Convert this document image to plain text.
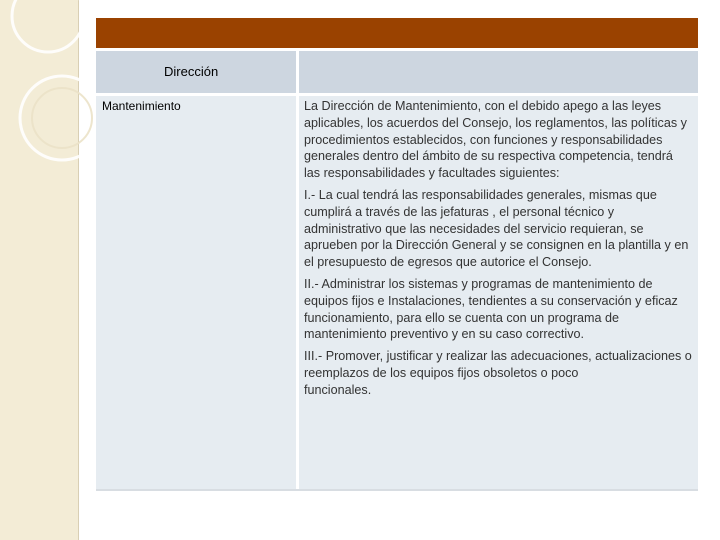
Dirección
Mantenimiento	La Dirección de Mantenimiento, con el debido apego a las leyes aplicables, los acuerdos del Consejo, los reglamentos, las políticas y procedimientos establecidos, con funciones y responsabilidades generales dentro del ámbito de su respectiva competencia, tendrá las responsabilidades y facultades siguientes:

I.- La cual tendrá las responsabilidades generales, mismas que cumplirá a través de las jefaturas , el personal técnico y administrativo que las necesidades del servicio requieran, se aprueben por la Dirección General y se consignen en la plantilla y en el presupuesto de egresos que autorice el Consejo.

II.- Administrar los sistemas y programas de mantenimiento de equipos fijos e Instalaciones, tendientes a su conservación y eficaz funcionamiento, para ello se cuenta con un programa de mantenimiento preventivo y en su caso correctivo.

III.- Promover, justificar y realizar las adecuaciones, actualizaciones o reemplazos de los equipos fijos obsoletos o poco
funcionales.
